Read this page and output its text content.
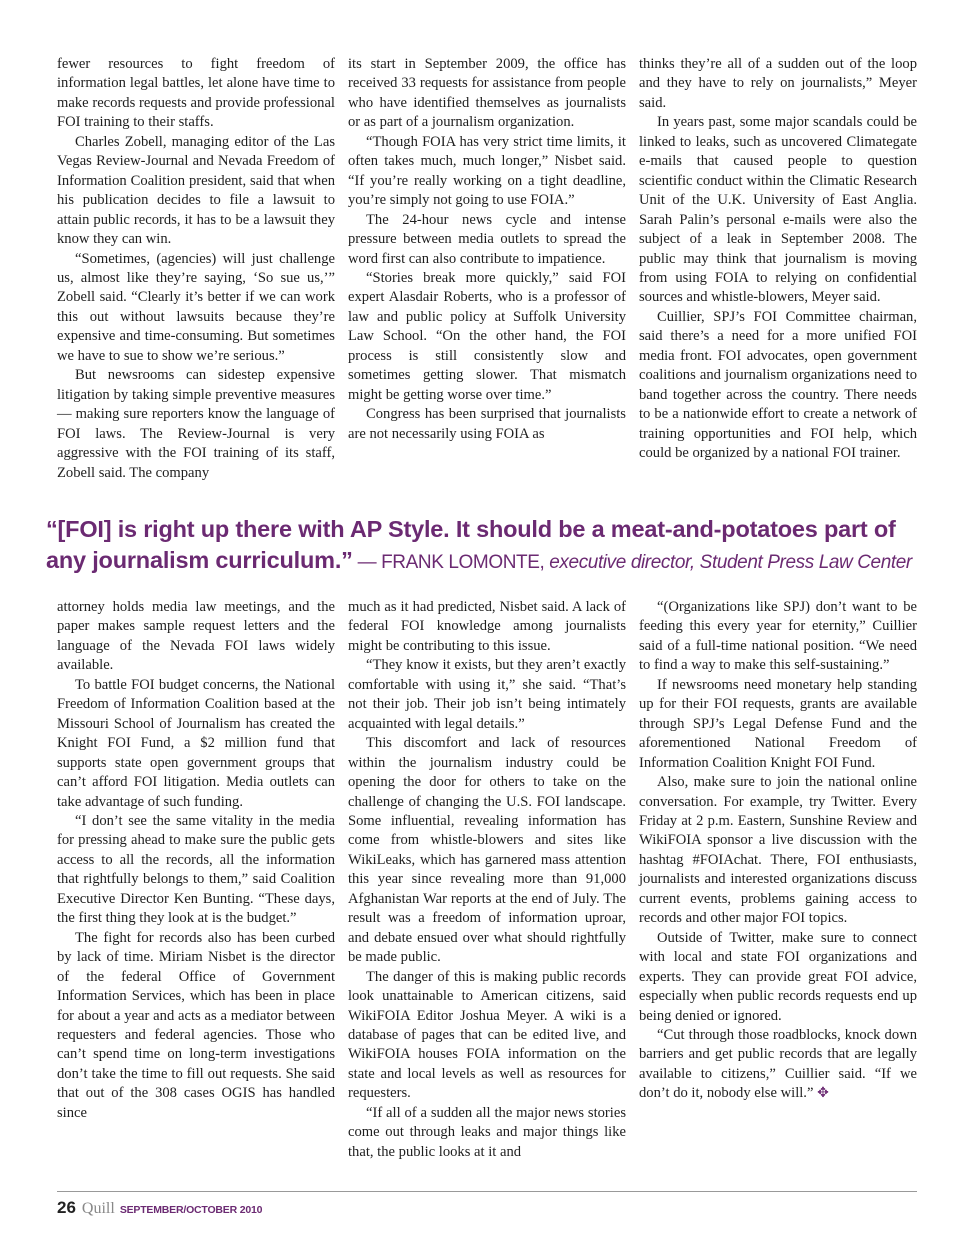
fewer resources to fight freedom of information legal battles, let alone have time to make records requests and provide professional FOI training to their staffs.

Charles Zobell, managing editor of the Las Vegas Review-Journal and Nevada Freedom of Information Coalition president, said that when his publication decides to file a lawsuit to attain public records, it has to be a lawsuit they know they can win.

“Sometimes, (agencies) will just challenge us, almost like they’re saying, ‘So sue us,’” Zobell said. “Clearly it’s better if we can work this out without lawsuits because they’re expensive and time-consuming. But sometimes we have to sue to show we’re serious.”

But newsrooms can sidestep expensive litigation by taking simple preventive measures — making sure reporters know the language of FOI laws. The Review-Journal is very aggressive with the FOI training of its staff, Zobell said. The company

its start in September 2009, the office has received 33 requests for assistance from people who have identified themselves as journalists or as part of a journalism organization.

“Though FOIA has very strict time limits, it often takes much, much longer,” Nisbet said. “If you’re really working on a tight deadline, you’re simply not going to use FOIA.”

The 24-hour news cycle and intense pressure between media outlets to spread the word first can also contribute to impatience.

“Stories break more quickly,” said FOI expert Alasdair Roberts, who is a professor of law and public policy at Suffolk University Law School. “On the other hand, the FOI process is still consistently slow and sometimes getting slower. That mismatch might be getting worse over time.”

Congress has been surprised that journalists are not necessarily using FOIA as

thinks they’re all of a sudden out of the loop and they have to rely on journalists,” Meyer said.

In years past, some major scandals could be linked to leaks, such as uncovered Climategate e-mails that caused people to question scientific conduct within the Climatic Research Unit of the U.K. University of East Anglia. Sarah Palin’s personal e-mails were also the subject of a leak in September 2008. The public may think that journalism is moving from using FOIA to relying on confidential sources and whistle-blowers, Meyer said.

Cuillier, SPJ’s FOI Committee chairman, said there’s a need for a more unified FOI media front. FOI advocates, open government coalitions and journalism organizations need to band together across the country. There needs to be a nationwide effort to create a network of training opportunities and FOI help, which could be organized by a national FOI trainer.

“[FOI] is right up there with AP Style. It should be a meat-and-potatoes part of any journalism curriculum.” — FRANK LOMONTE, executive director, Student Press Law Center

attorney holds media law meetings, and the paper makes sample request letters and the language of the Nevada FOI laws widely available.

To battle FOI budget concerns, the National Freedom of Information Coalition based at the Missouri School of Journalism has created the Knight FOI Fund, a $2 million fund that supports state open government groups that can’t afford FOI litigation. Media outlets can take advantage of such funding.

“I don’t see the same vitality in the media for pressing ahead to make sure the public gets access to all the records, all the information that rightfully belongs to them,” said Coalition Executive Director Ken Bunting. “These days, the first thing they look at is the budget.”

The fight for records also has been curbed by lack of time. Miriam Nisbet is the director of the federal Office of Government Information Services, which has been in place for about a year and acts as a mediator between requesters and federal agencies. Those who can’t spend time on long-term investigations don’t take the time to fill out requests. She said that out of the 308 cases OGIS has handled since

much as it had predicted, Nisbet said. A lack of federal FOI knowledge among journalists might be contributing to this issue.

“They know it exists, but they aren’t exactly comfortable with using it,” she said. “That’s not their job. Their job isn’t being intimately acquainted with legal details.”

This discomfort and lack of resources within the journalism industry could be opening the door for others to take on the challenge of changing the U.S. FOI landscape. Some influential, revealing information has come from whistle-blowers and sites like WikiLeaks, which has garnered mass attention this year since revealing more than 91,000 Afghanistan War reports at the end of July. The result was a freedom of information uproar, and debate ensued over what should rightfully be made public.

The danger of this is making public records look unattainable to American citizens, said WikiFOIA Editor Joshua Meyer. A wiki is a database of pages that can be edited live, and WikiFOIA houses FOIA information on the state and local levels as well as resources for requesters.

“If all of a sudden all the major news stories come out through leaks and major things like that, the public looks at it and

“(Organizations like SPJ) don’t want to be feeding this every year for eternity,” Cuillier said of a full-time national position. “We need to find a way to make this self-sustaining.”

If newsrooms need monetary help standing up for their FOI requests, grants are available through SPJ’s Legal Defense Fund and the aforementioned National Freedom of Information Coalition Knight FOI Fund.

Also, make sure to join the national online conversation. For example, try Twitter. Every Friday at 2 p.m. Eastern, Sunshine Review and WikiFOIA sponsor a live discussion with the hashtag #FOIAchat. There, FOI enthusiasts, journalists and interested organizations discuss current events, problems gaining access to records and other major FOI topics.

Outside of Twitter, make sure to connect with local and state FOI organizations and experts. They can provide great FOI advice, especially when public records requests end up being denied or ignored.

“Cut through those roadblocks, knock down barriers and get public records that are legally available to citizens,” Cuillier said. “If we don’t do it, nobody else will.” ✥

26 Quill SEPTEMBER/OCTOBER 2010
